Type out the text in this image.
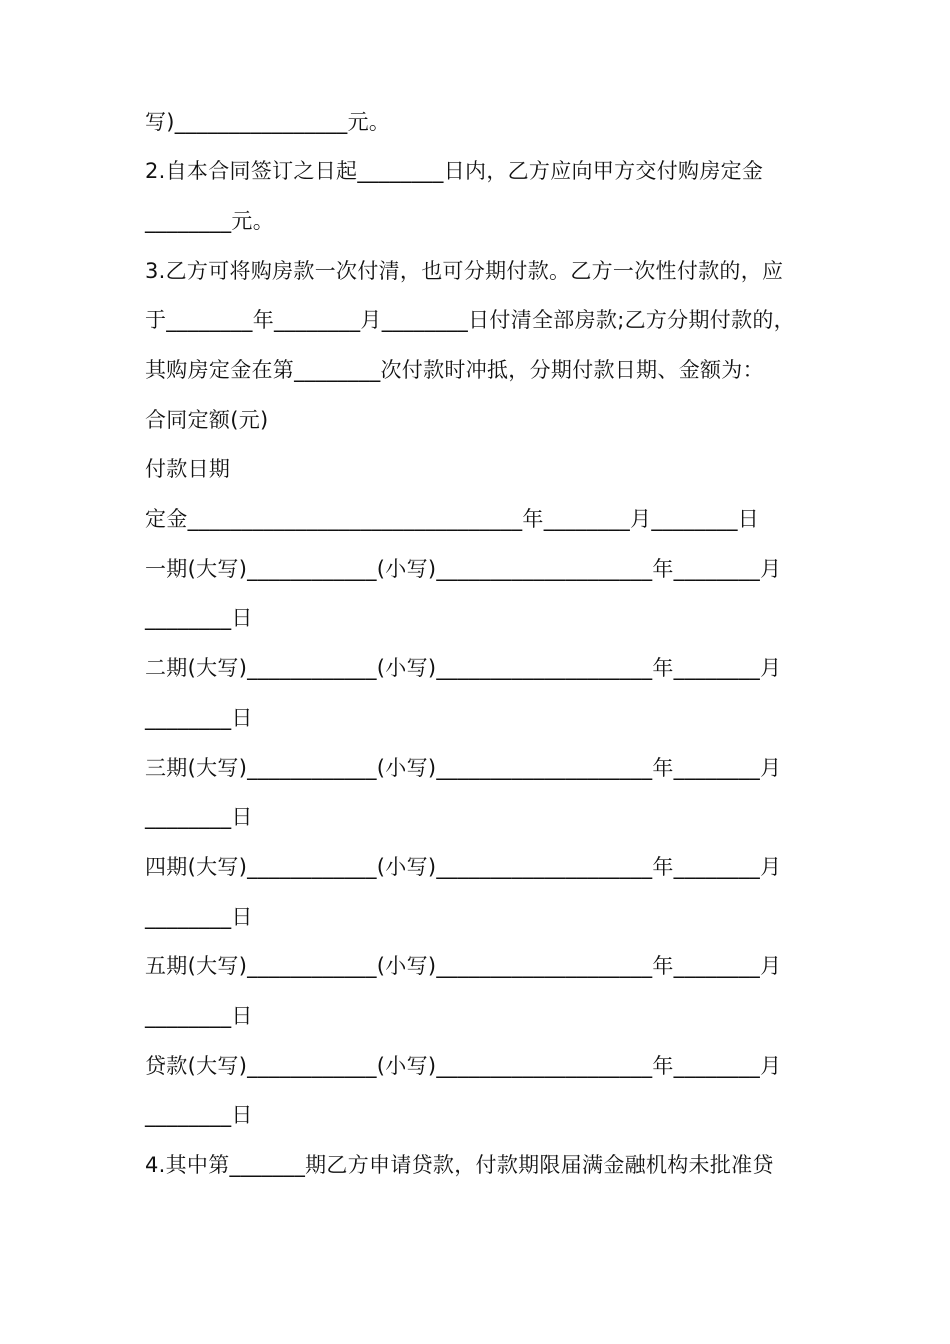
写)________________元。
2.自本合同签订之日起________日内，乙方应向甲方交付购房定金
________元。
3.乙方可将购房款一次付清，也可分期付款。乙方一次性付款的，应
于________年________月________日付清全部房款;乙方分期付款的，
其购房定金在第________次付款时冲抵，分期付款日期、金额为：
合同定额(元)
付款日期
定金_______________________________年________月________日
一期(大写)____________(小写)____________________年________月
________日
二期(大写)____________(小写)____________________年________月
________日
三期(大写)____________(小写)____________________年________月
________日
四期(大写)____________(小写)____________________年________月
________日
五期(大写)____________(小写)____________________年________月
________日
贷款(大写)____________(小写)____________________年________月
________日
4.其中第_______期乙方申请贷款，付款期限届满金融机构未批准贷
